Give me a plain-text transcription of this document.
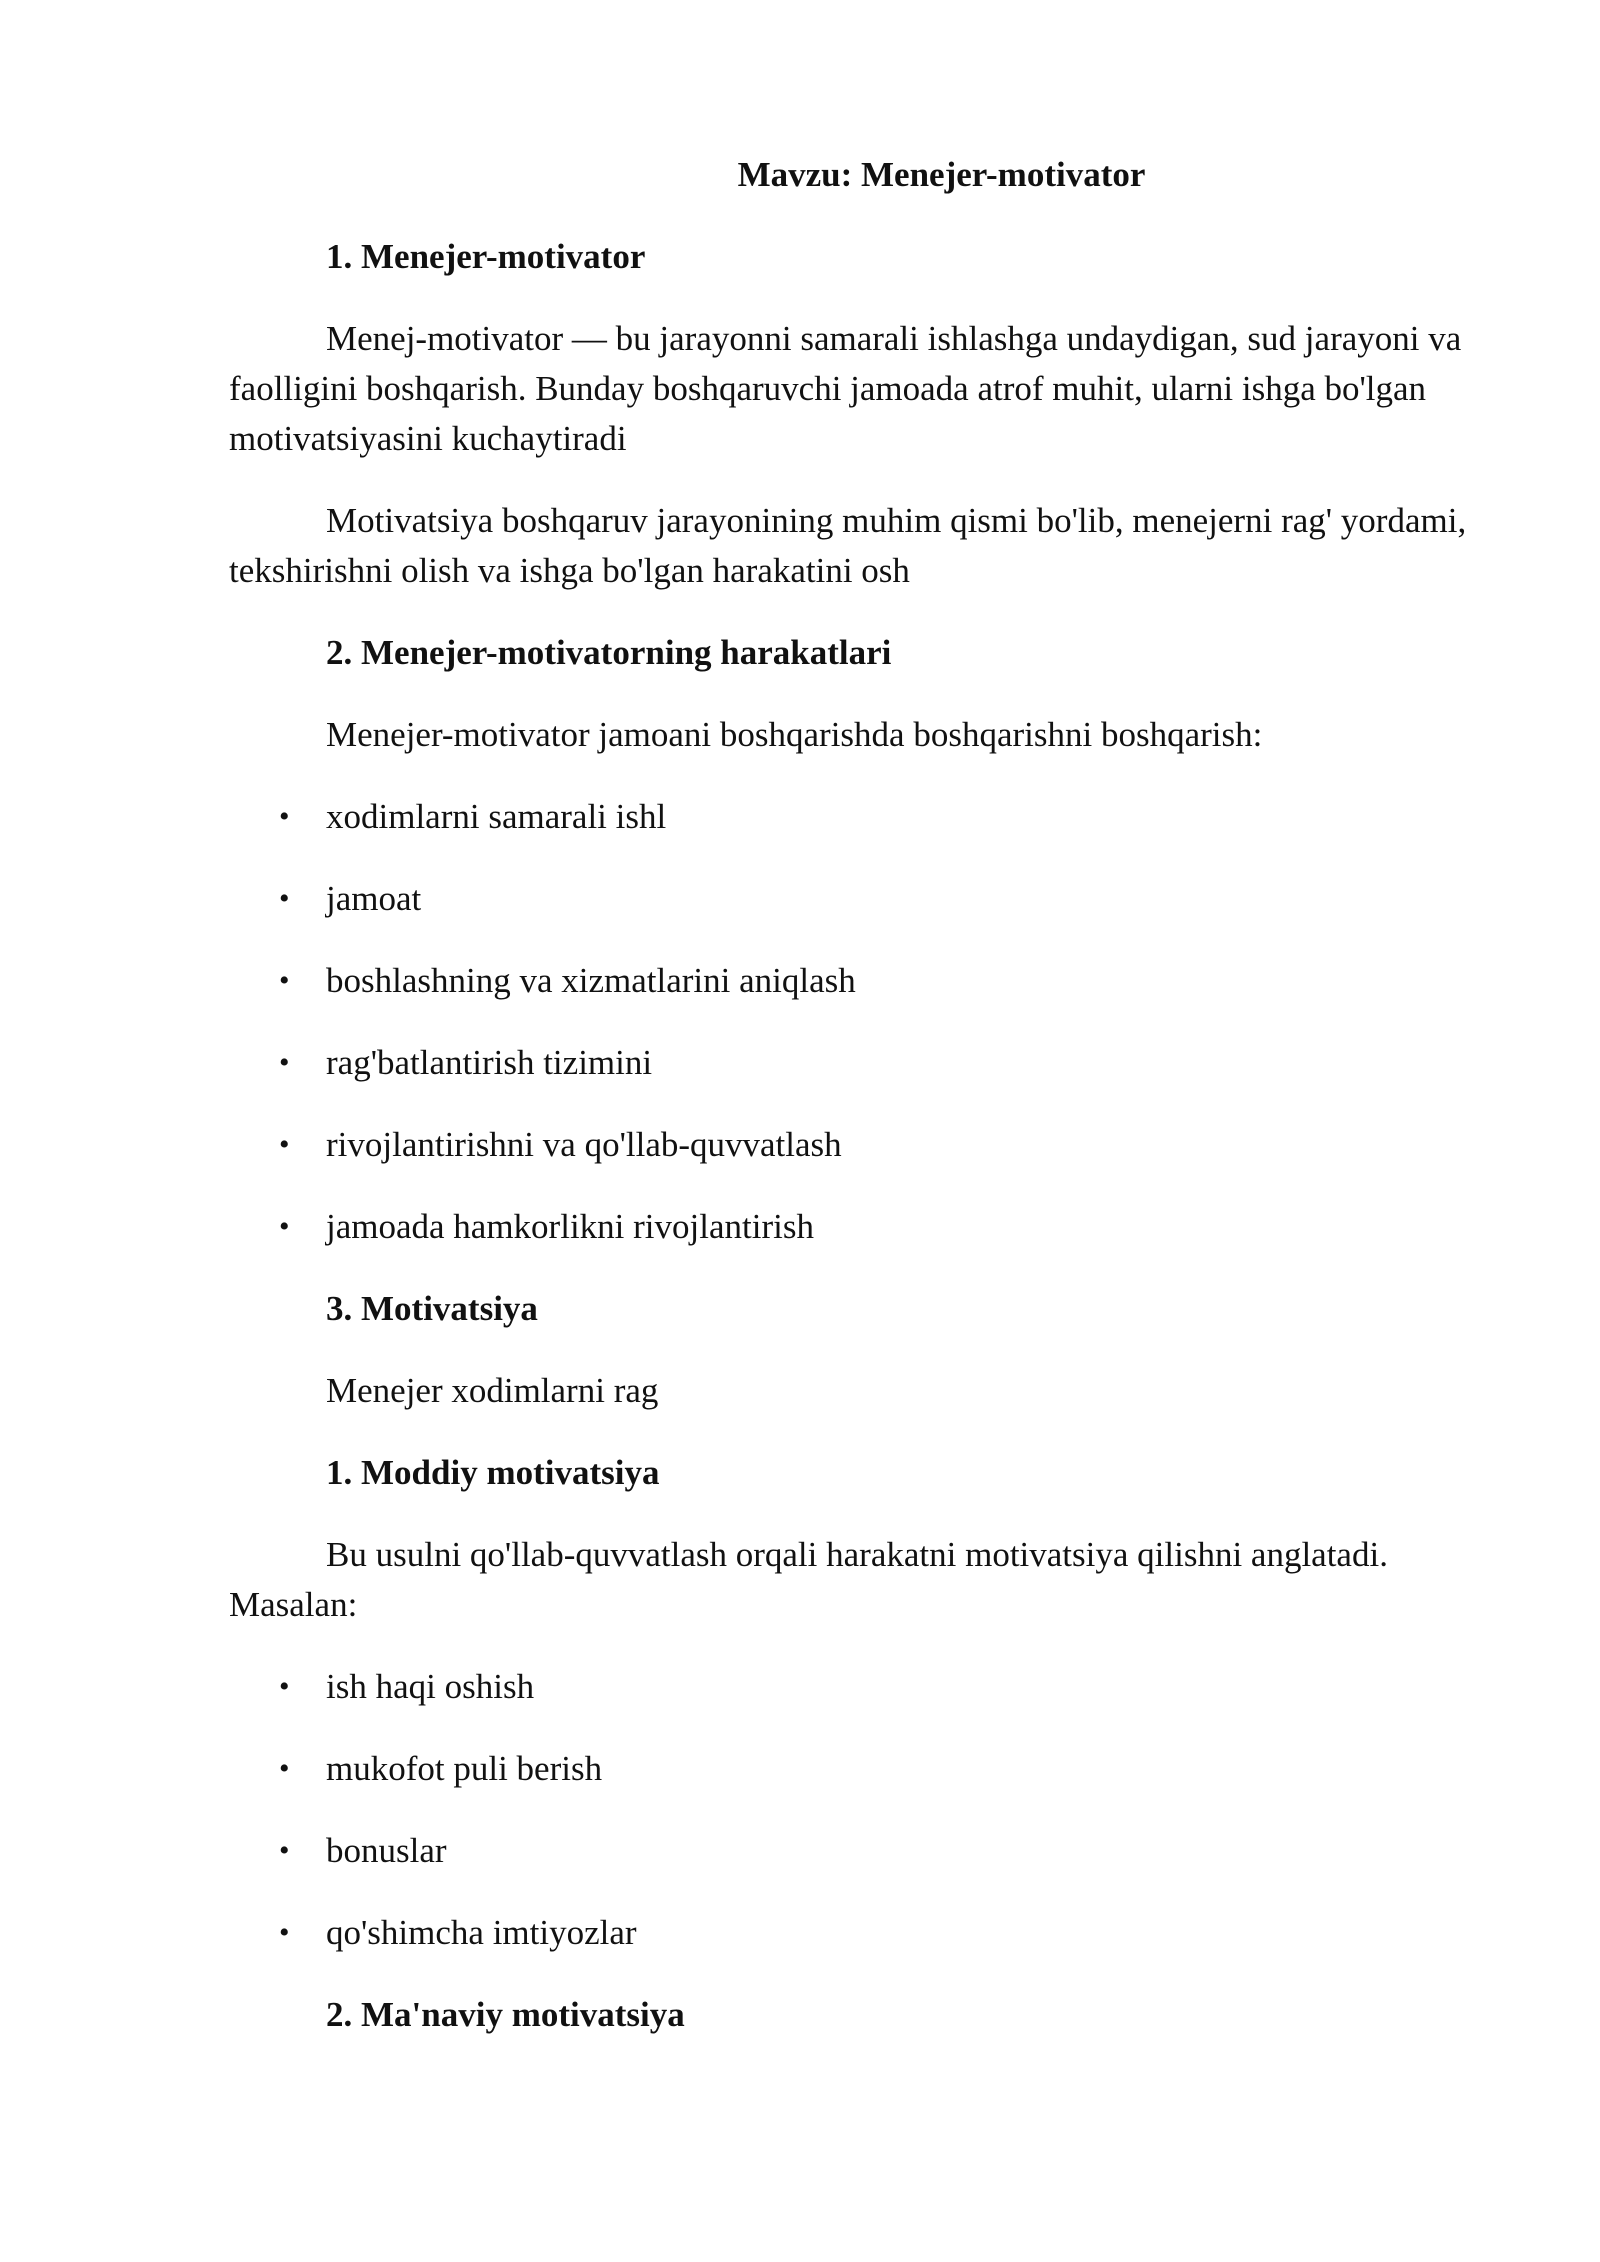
Mavzu: Menejer-motivator

1. Menejer-motivator

Menej-motivator — bu jarayonni samarali ishlashga undaydigan, sud jarayoni va faolligini boshqarish. Bunday boshqaruvchi jamoada atrof muhit, ularni ishga bo'lgan motivatsiyasini kuchaytiradi

Motivatsiya boshqaruv jarayonining muhim qismi bo'lib, menejerni rag' yordami, tekshirishni olish va ishga bo'lgan harakatini osh

2. Menejer-motivatorning harakatlari

Menejer-motivator jamoani boshqarishda boshqarishni boshqarish:

• xodimlarni samarali ishl
• jamoat
• boshlashning va xizmatlarini aniqlash
• rag'batlantirish tizimini
• rivojlantirishni va qo'llab-quvvatlash
• jamoada hamkorlikni rivojlantirish

3. Motivatsiya

Menejer xodimlarni rag

1. Moddiy motivatsiya

Bu usulni qo'llab-quvvatlash orqali harakatni motivatsiya qilishni anglatadi. Masalan:

• ish haqi oshish
• mukofot puli berish
• bonuslar
• qo'shimcha imtiyozlar

2. Ma'naviy motivatsiya
